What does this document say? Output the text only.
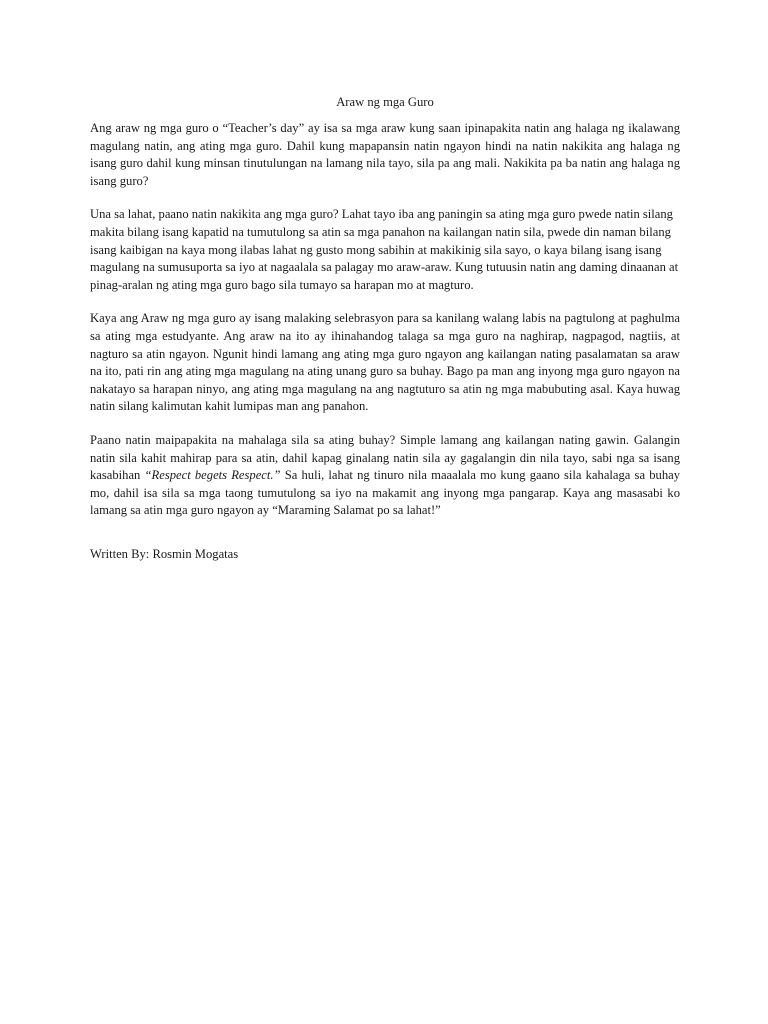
Araw ng mga Guro

Ang araw ng mga guro o “Teacher’s day” ay isa sa mga araw kung saan ipinapakita natin ang halaga ng ikalawang magulang natin, ang ating mga guro. Dahil kung mapapansin natin ngayon hindi na natin nakikita ang halaga ng isang guro dahil kung minsan tinutulungan na lamang nila tayo, sila pa ang mali. Nakikita pa ba natin ang halaga ng isang guro?

Una sa lahat, paano natin nakikita ang mga guro? Lahat tayo iba ang paningin sa ating mga guro pwede natin silang makita bilang isang kapatid na tumutulong sa atin sa mga panahon na kailangan natin sila, pwede din naman bilang isang kaibigan na kaya mong ilabas lahat ng gusto mong sabihin at makikinig sila sayo, o kaya bilang isang isang magulang na sumusuporta sa iyo at nagaalala sa palagay mo araw-araw. Kung tutuusin natin ang daming dinaanan at pinag-aralan ng ating mga guro bago sila tumayo sa harapan mo at magturo.

Kaya ang Araw ng mga guro ay isang malaking selebrasyon para sa kanilang walang labis na pagtulong at paghulma sa ating mga estudyante. Ang araw na ito ay ihinahandog talaga sa mga guro na naghirap, nagpagod, nagtiis, at nagturo sa atin ngayon. Ngunit hindi lamang ang ating mga guro ngayon ang kailangan nating pasalamatan sa araw na ito, pati rin ang ating mga magulang na ating unang guro sa buhay. Bago pa man ang inyong mga guro ngayon na nakatayo sa harapan ninyo, ang ating mga magulang na ang nagtuturo sa atin ng mga mabubuting asal. Kaya huwag natin silang kalimutan kahit lumipas man ang panahon.

Paano natin maipapakita na mahalaga sila sa ating buhay? Simple lamang ang kailangan nating gawin. Galangin natin sila kahit mahirap para sa atin, dahil kapag ginalang natin sila ay gagalangin din nila tayo, sabi nga sa isang kasabihan “Respect begets Respect.” Sa huli, lahat ng tinuro nila maaalala mo kung gaano sila kahalaga sa buhay mo, dahil isa sila sa mga taong tumutulong sa iyo na makamit ang inyong mga pangarap. Kaya ang masasabi ko lamang sa atin mga guro ngayon ay “Maraming Salamat po sa lahat!”

Written By: Rosmin Mogatas
